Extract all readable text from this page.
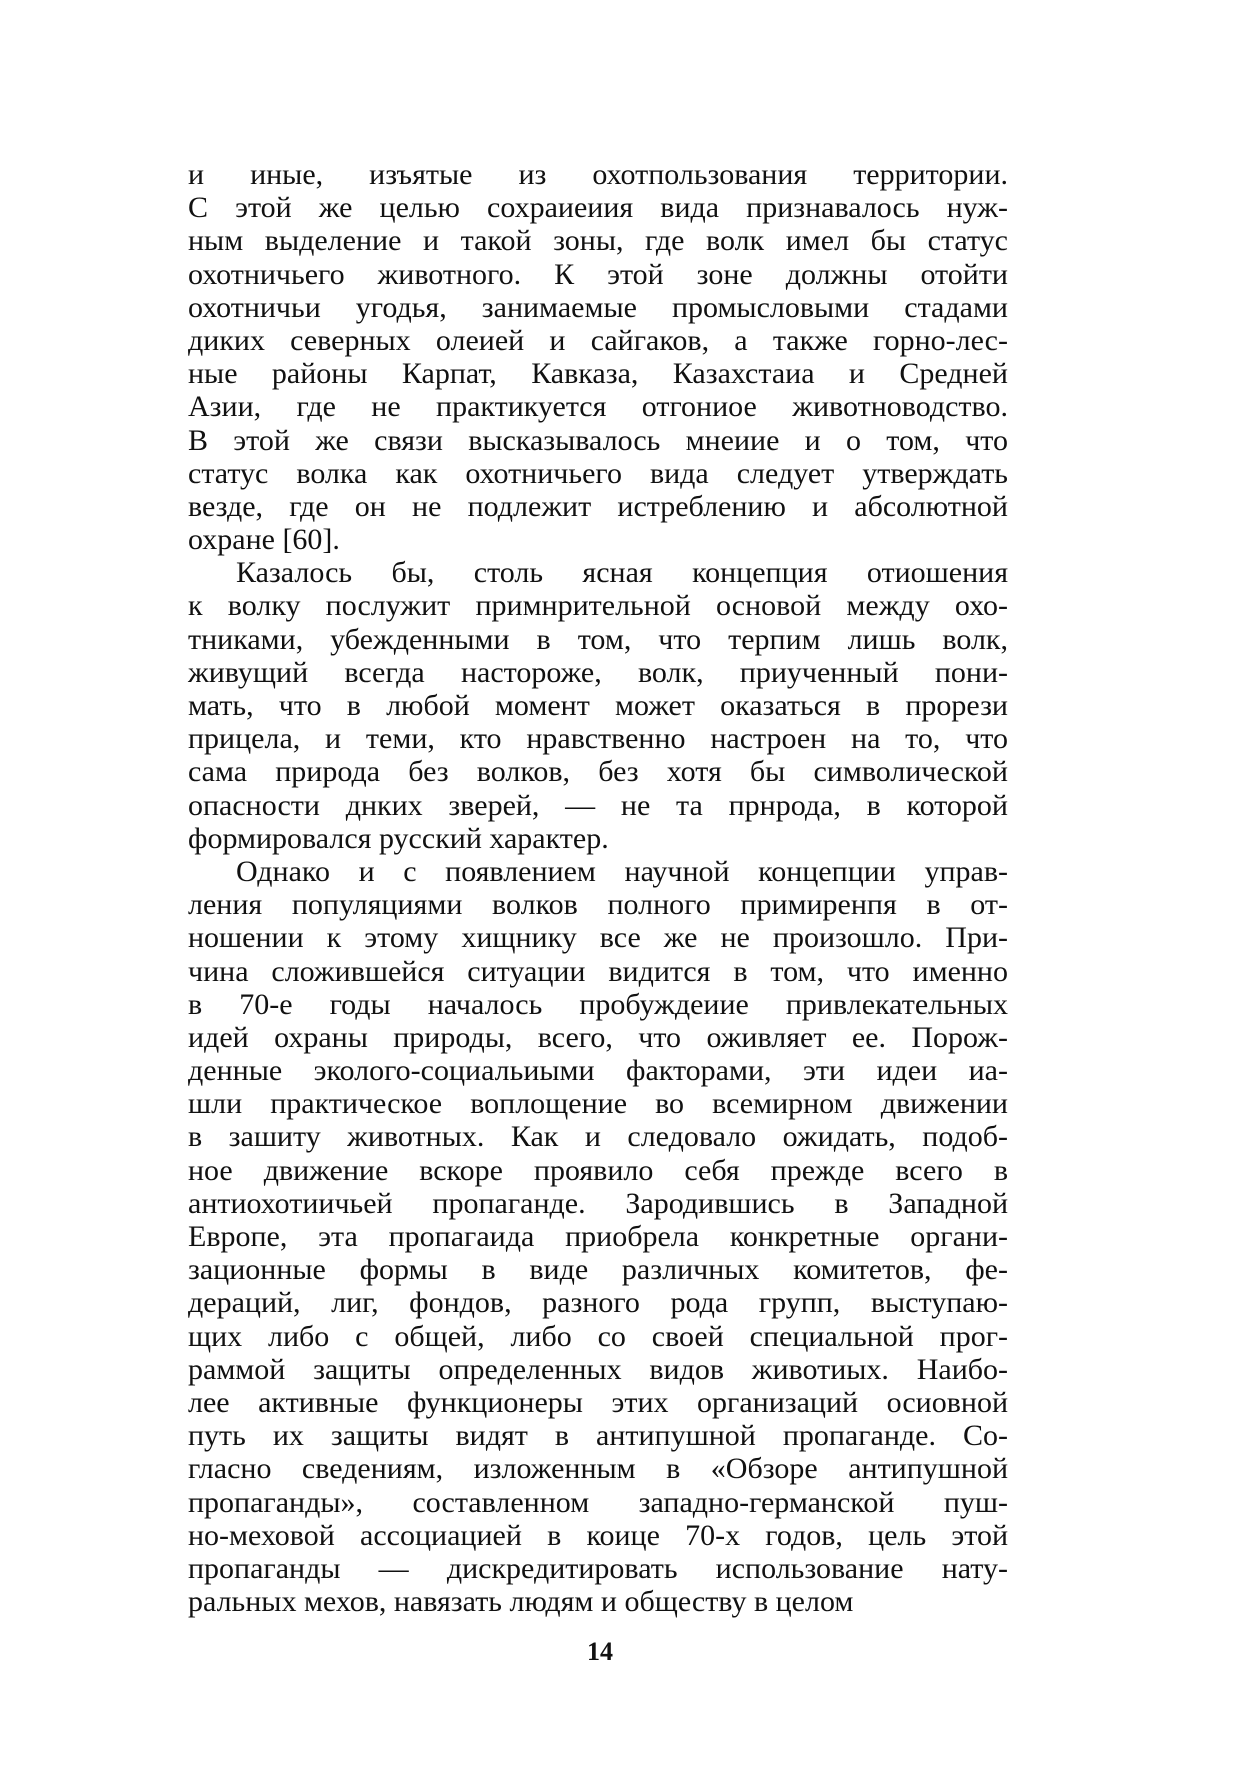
и иные, изъятые из охотпользования территории.
С этой же целью сохраиеиия вида признавалось нуж-
ным выделение и такой зоны, где волк имел бы статус
охотничьего животного. К этой зоне должны отойти
охотничьи угодья, занимаемые промысловыми стадами
диких северных олеией и сайгаков, а также горно-лес-
ные районы Карпат, Кавказа, Казахстаиа и Средней
Азии, где не практикуется отгониое животноводство.
В этой же связи высказывалось мнеиие и о том, что
статус волка как охотничьего вида следует утверждать
везде, где он не подлежит истреблению и абсолютной
охране [60].
Казалось бы, столь ясная концепция отиошения
к волку послужит примнрительной основой между охо-
тниками, убежденными в том, что терпим лишь волк,
живущий всегда настороже, волк, приученный пони-
мать, что в любой момент может оказаться в прорези
прицела, и теми, кто нравственно настроен на то, что
сама природа без волков, без хотя бы символической
опасности днких зверей, — не та прнрода, в которой
формировался русский характер.
Однако и с появлением научной концепции управ-
ления популяциями волков полного примиренпя в от-
ношении к этому хищнику все же не произошло. При-
чина сложившейся ситуации видится в том, что именно
в 70-е годы началось пробуждеиие привлекательных
идей охраны природы, всего, что оживляет ее. Порож-
денные эколого-социальиыми факторами, эти идеи иа-
шли практическое воплощение во всемирном движении
в зашиту животных. Как и следовало ожидать, подоб-
ное движение вскоре проявило себя прежде всего в
антиохотиичьей пропаганде. Зародившись в Западной
Европе, эта пропагаида приобрела конкретные органи-
зационные формы в виде различных комитетов, фе-
дераций, лиг, фондов, разного рода групп, выступаю-
щих либо с общей, либо со своей специальной прог-
раммой защиты определенных видов животиых. Наибо-
лее активные функционеры этих организаций осиовной
путь их защиты видят в антипушной пропаганде. Со-
гласно сведениям, изложенным в «Обзоре антипушной
пропаганды», составленном западно-германской пуш-
но-меховой ассоциацией в коице 70-х годов, цель этой
пропаганды — дискредитировать использование нату-
ральных мехов, навязать людям и обществу в целом
14
